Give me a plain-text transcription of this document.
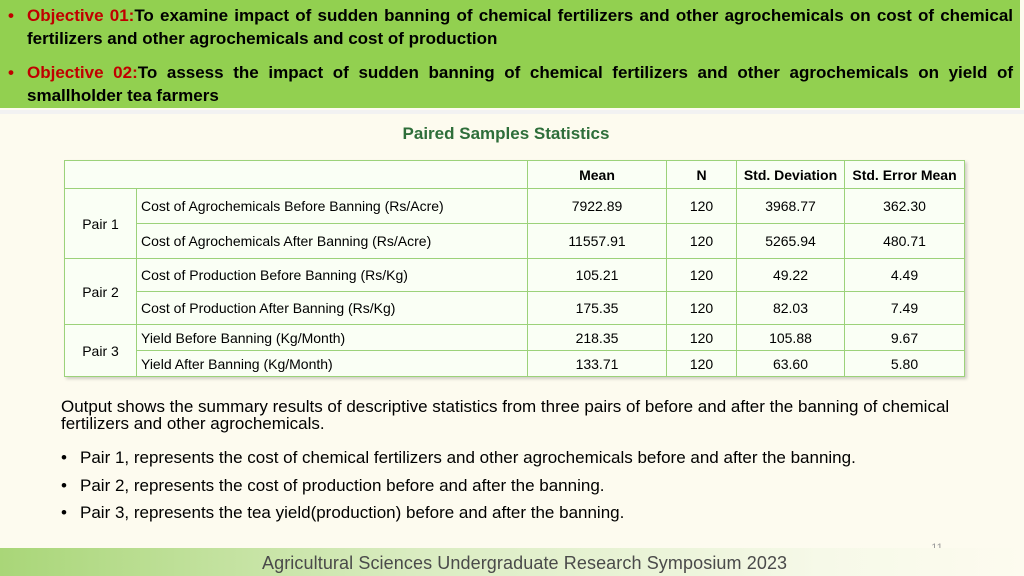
• Objective 01:To examine impact of sudden banning of chemical fertilizers and other agrochemicals on cost of chemical fertilizers and other agrochemicals and cost of production
• Objective 02:To assess the impact of sudden banning of chemical fertilizers and other agrochemicals on yield of smallholder tea farmers
Paired Samples Statistics
		Mean	N	Std. Deviation	Std. Error Mean
Pair 1	Cost of Agrochemicals Before Banning (Rs/Acre)	7922.89	120	3968.77	362.30
	Cost of Agrochemicals After Banning (Rs/Acre)	11557.91	120	5265.94	480.71
Pair 2	Cost of Production Before Banning (Rs/Kg)	105.21	120	49.22	4.49
	Cost of Production After Banning (Rs/Kg)	175.35	120	82.03	7.49
Pair 3	Yield Before Banning (Kg/Month)	218.35	120	105.88	9.67
	Yield After Banning (Kg/Month)	133.71	120	63.60	5.80

Output shows the summary results of descriptive statistics from three pairs of before and after the banning of chemical fertilizers and other agrochemicals.

• Pair 1, represents the cost of chemical fertilizers and other agrochemicals before and after the banning.
• Pair 2, represents the cost of production before and after the banning.
• Pair 3, represents the tea yield(production) before and after the banning.
Agricultural Sciences Undergraduate Research Symposium 2023
